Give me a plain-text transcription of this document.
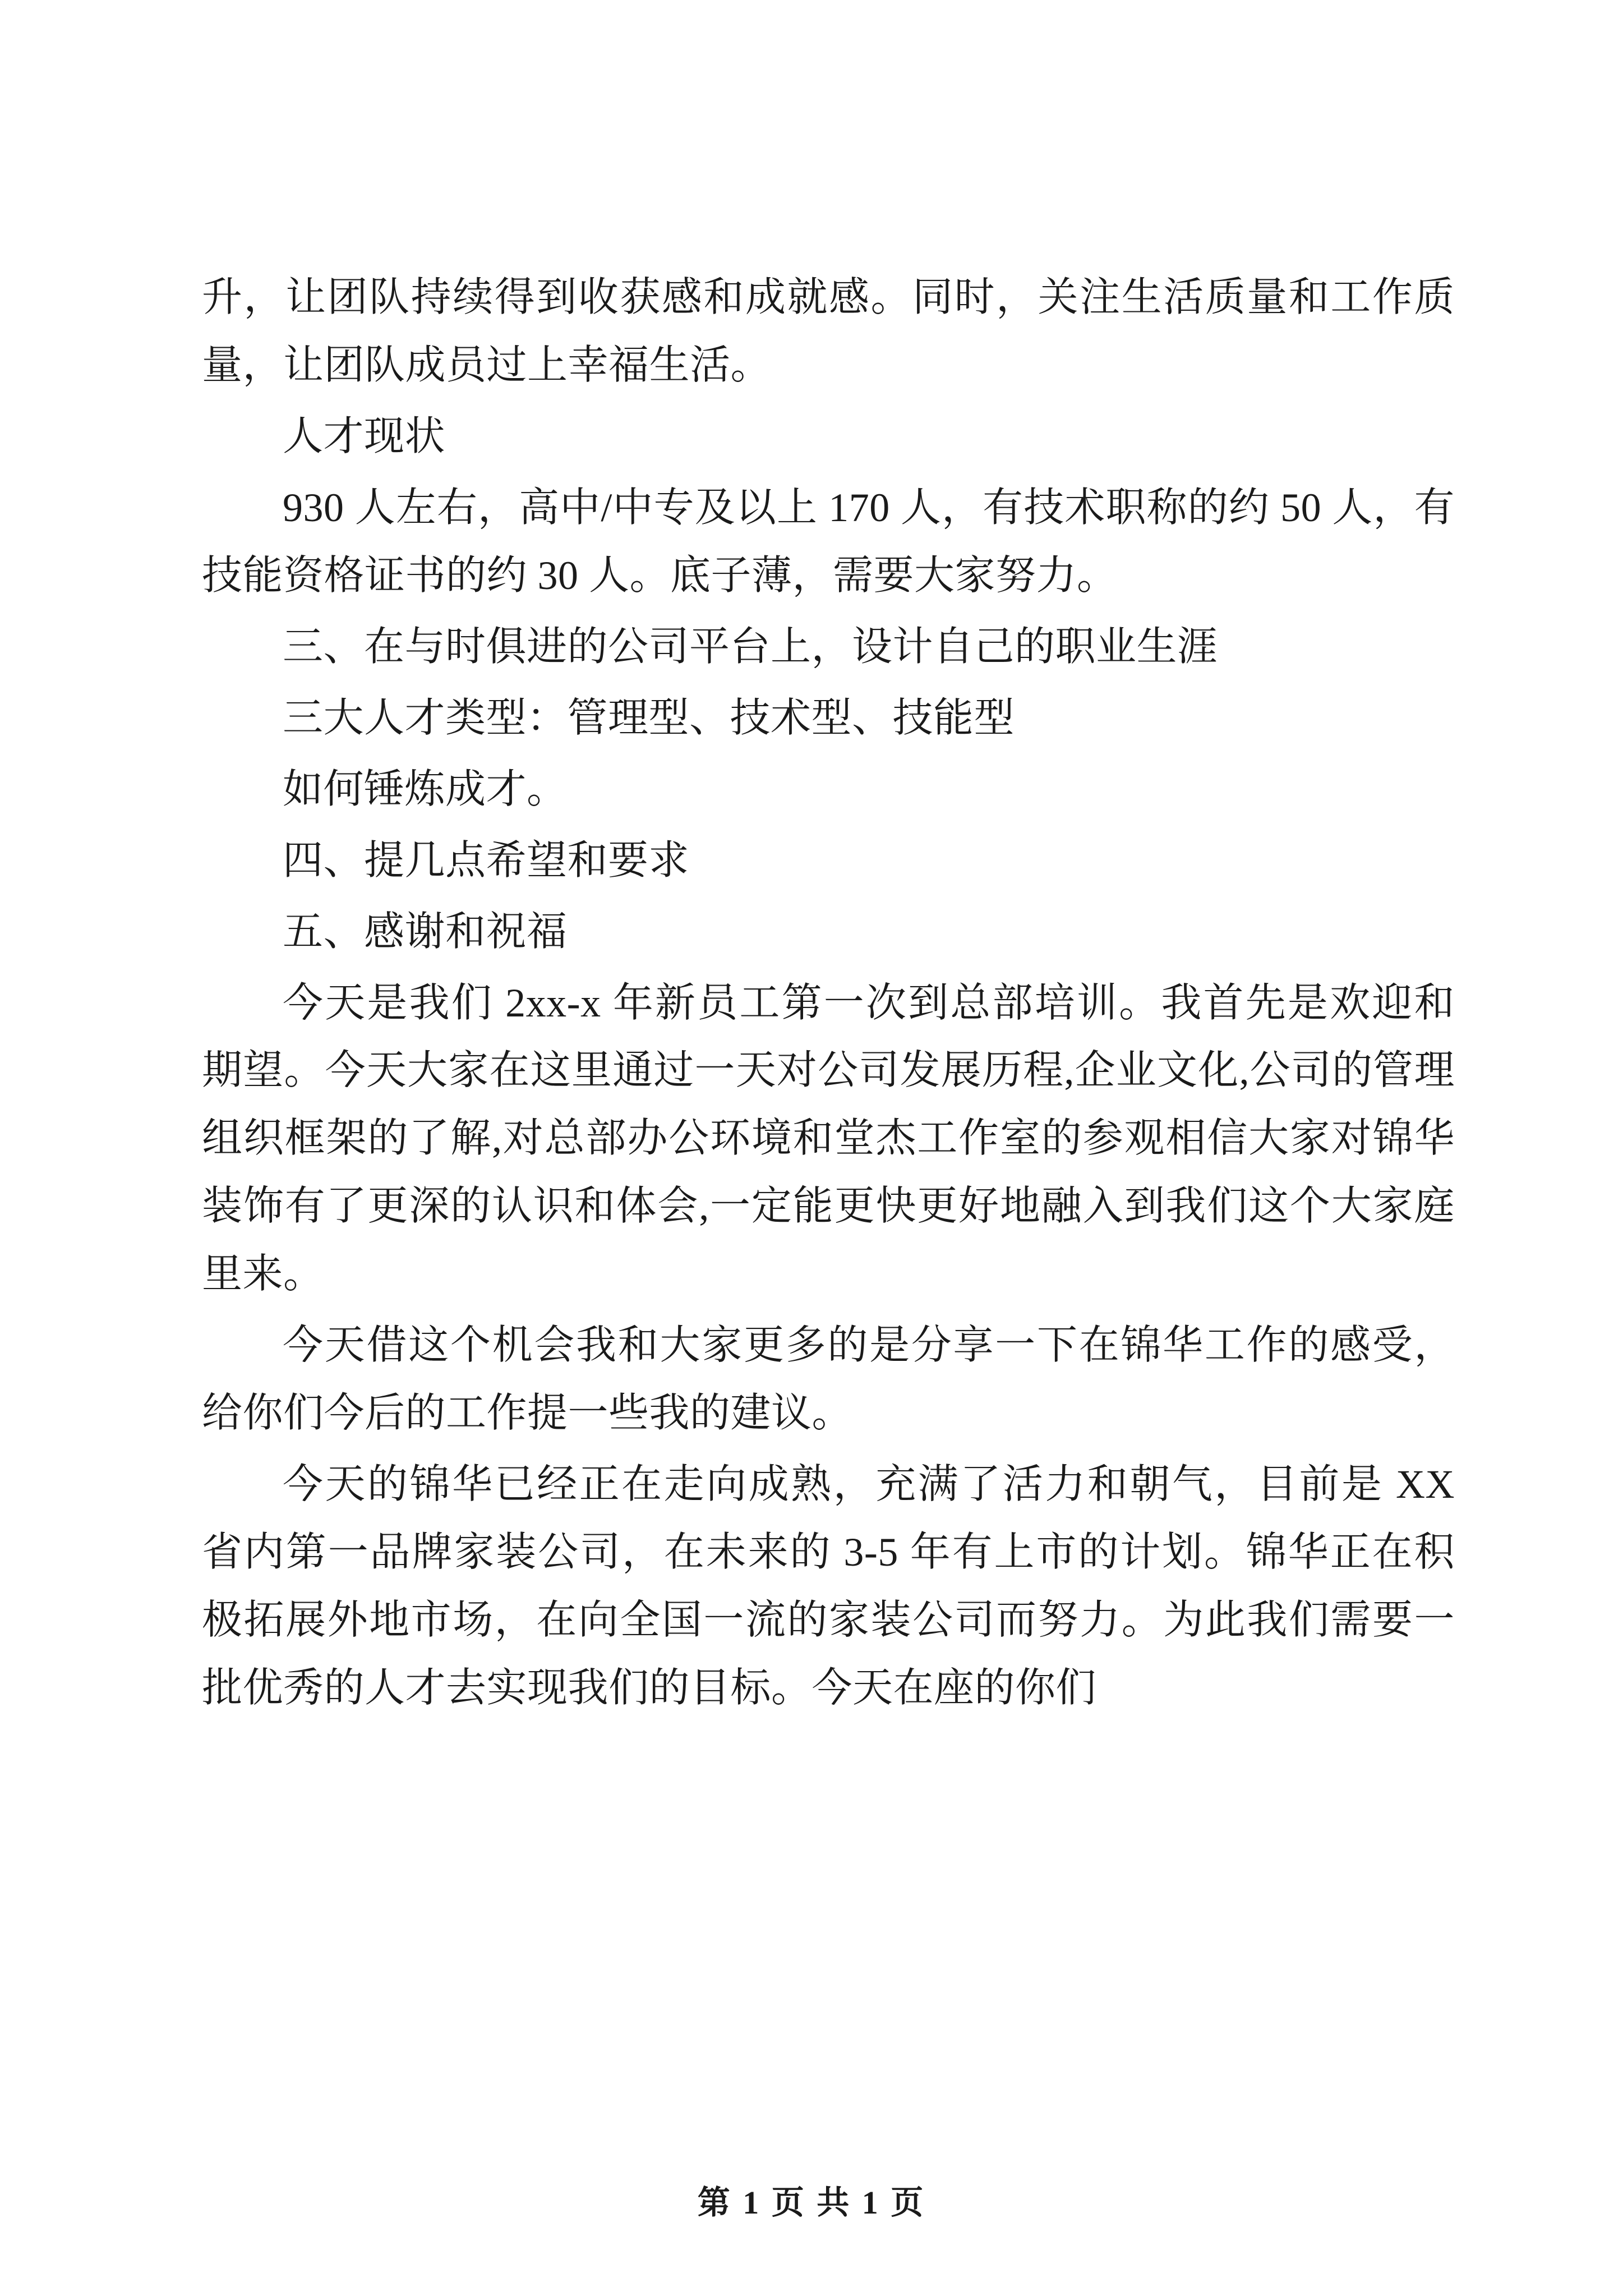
升，让团队持续得到收获感和成就感。同时，关注生活质量和工作质量，让团队成员过上幸福生活。

人才现状

930 人左右，高中/中专及以上 170 人，有技术职称的约 50 人，有技能资格证书的约 30 人。底子薄，需要大家努力。

三、在与时俱进的公司平台上，设计自己的职业生涯

三大人才类型：管理型、技术型、技能型

如何锤炼成才。

四、提几点希望和要求

五、感谢和祝福

今天是我们 2xx-x 年新员工第一次到总部培训。我首先是欢迎和期望。今天大家在这里通过一天对公司发展历程,企业文化,公司的管理组织框架的了解,对总部办公环境和堂杰工作室的参观相信大家对锦华装饰有了更深的认识和体会,一定能更快更好地融入到我们这个大家庭里来。

今天借这个机会我和大家更多的是分享一下在锦华工作的感受，给你们今后的工作提一些我的建议。

今天的锦华已经正在走向成熟，充满了活力和朝气，目前是 XX 省内第一品牌家装公司，在未来的 3-5 年有上市的计划。锦华正在积极拓展外地市场，在向全国一流的家装公司而努力。为此我们需要一批优秀的人才去实现我们的目标。今天在座的你们

第 1 页 共 1 页
